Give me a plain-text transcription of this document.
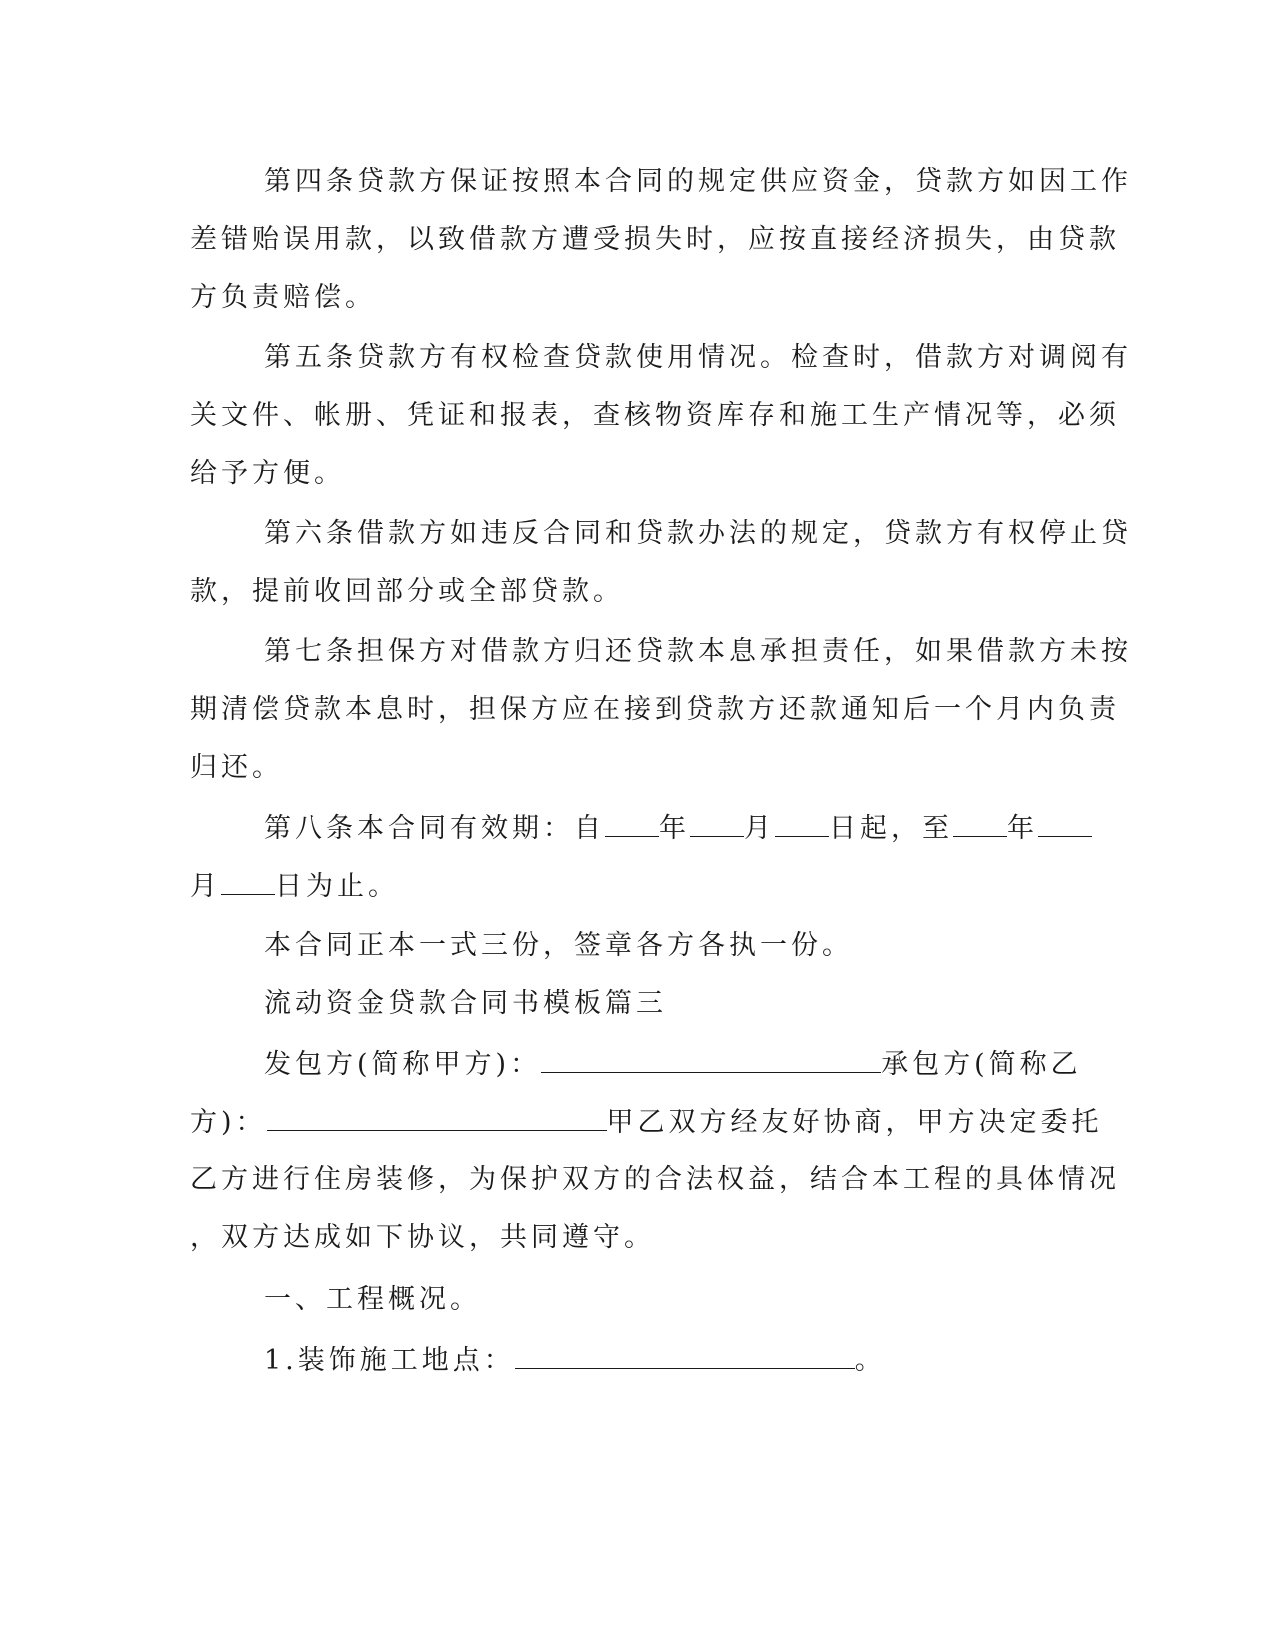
第四条贷款方保证按照本合同的规定供应资金，贷款方如因工作
差错贻误用款，以致借款方遭受损失时，应按直接经济损失，由贷款
方负责赔偿。
第五条贷款方有权检查贷款使用情况。检查时，借款方对调阅有
关文件、帐册、凭证和报表，查核物资库存和施工生产情况等，必须
给予方便。
第六条借款方如违反合同和贷款办法的规定，贷款方有权停止贷
款，提前收回部分或全部贷款。
第七条担保方对借款方归还贷款本息承担责任，如果借款方未按
期清偿贷款本息时，担保方应在接到贷款方还款通知后一个月内负责
归还。
第八条本合同有效期：自 年 月 日起，至 年
月 日为止。
本合同正本一式三份，签章各方各执一份。
流动资金贷款合同书模板篇三
发包方(简称甲方)：	承包方(简称乙
方)：	甲乙双方经友好协商，甲方决定委托
乙方进行住房装修，为保护双方的合法权益，结合本工程的具体情况
，双方达成如下协议，共同遵守。
一、工程概况。
1.装饰施工地点：	。
